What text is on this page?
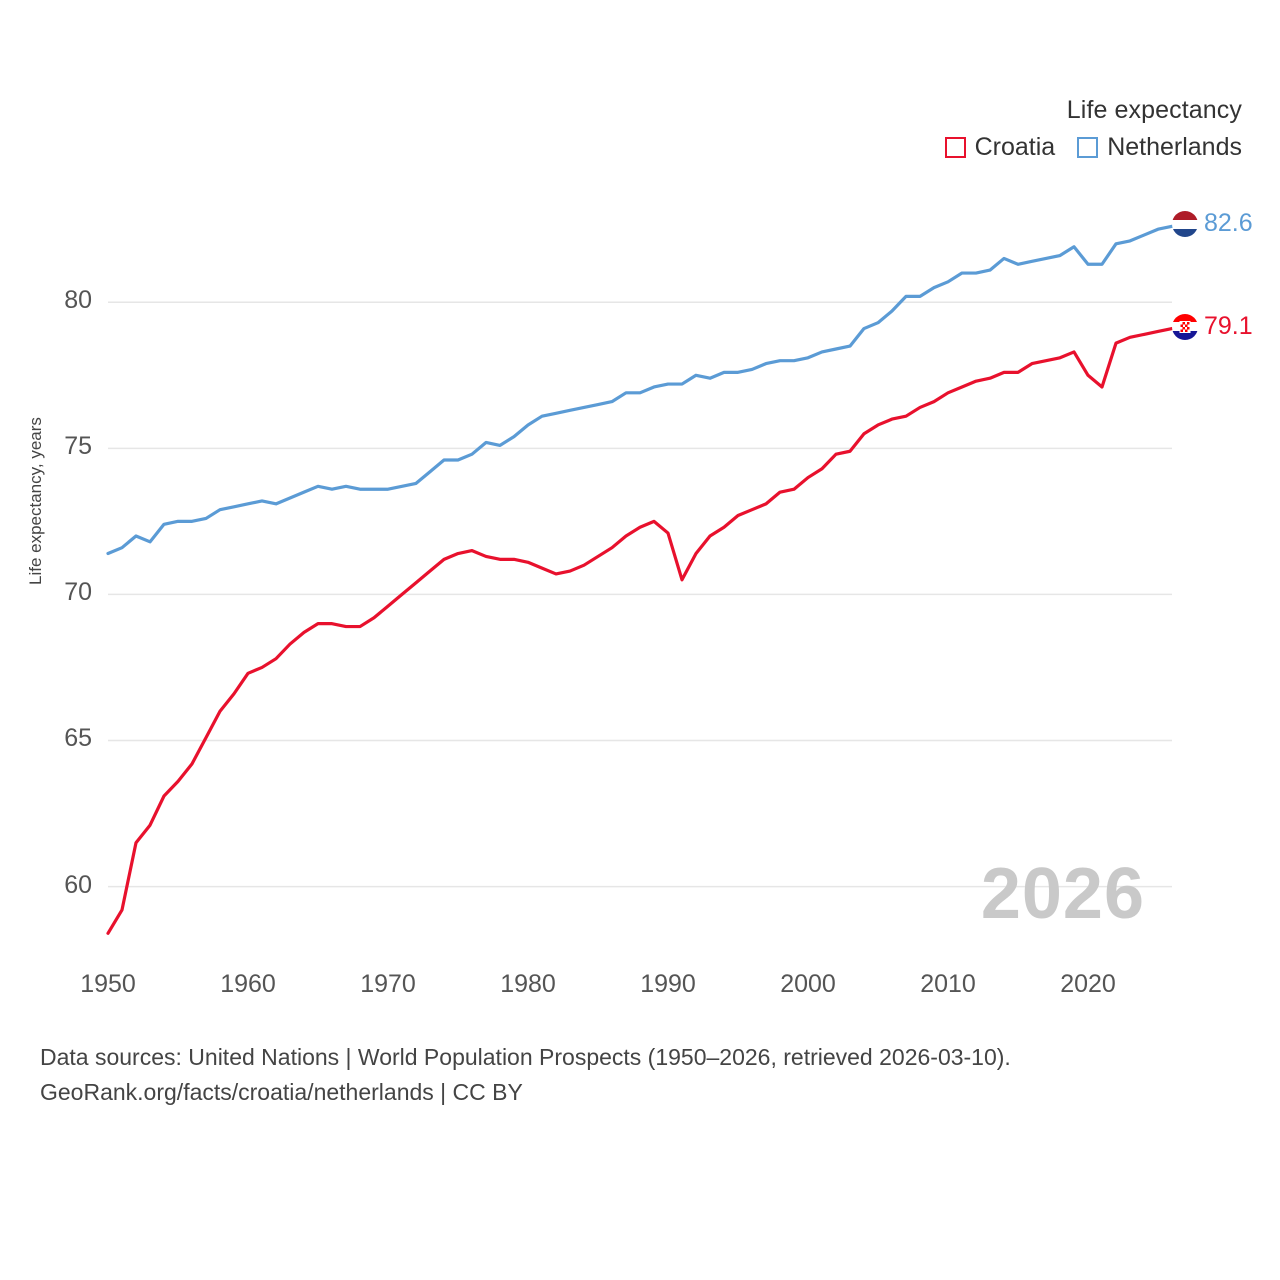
Life expectancy
Croatia Netherlands
Life expectancy, years
60
65
70
75
80
1950	1960	1970	1980	1990	2000	2010	2020
2026
82.6
79.1
Data sources: United Nations | World Population Prospects (1950–2026, retrieved 2026-03-10).
GeoRank.org/facts/croatia/netherlands | CC BY
